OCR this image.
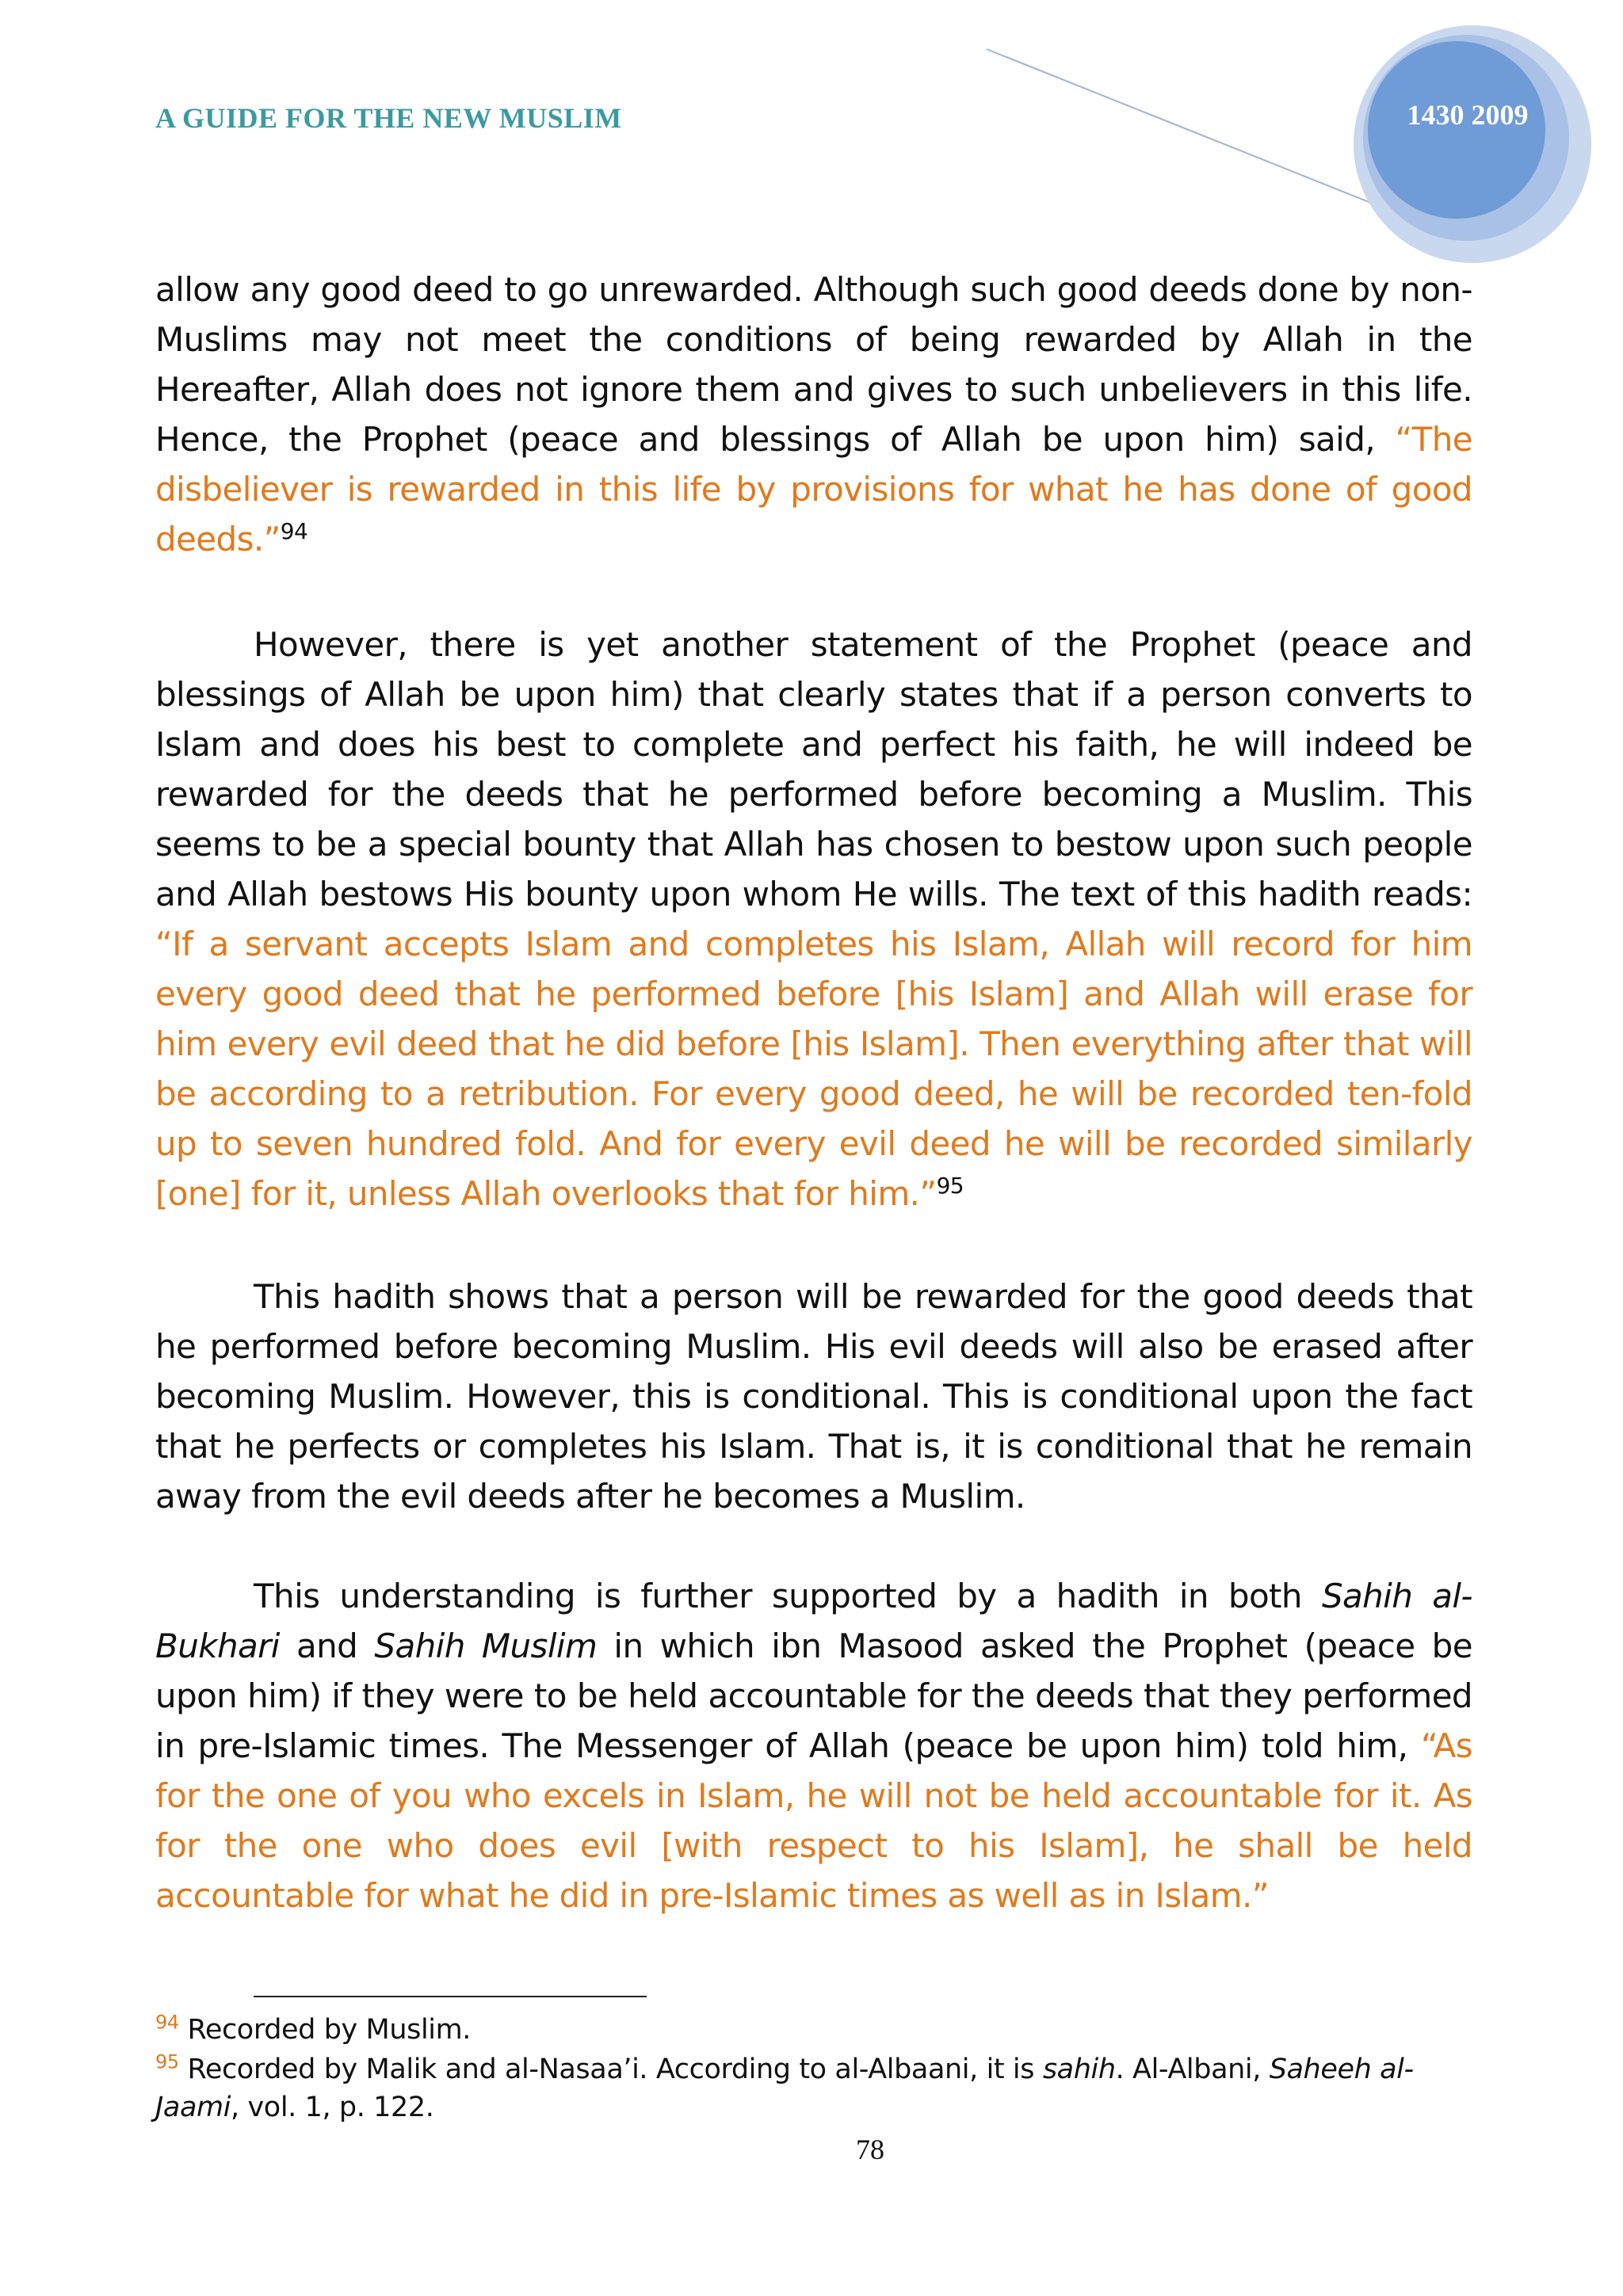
A GUIDE FOR THE NEW MUSLIM	1430 2009

allow any good deed to go unrewarded. Although such good deeds done by non-Muslims may not meet the conditions of being rewarded by Allah in the Hereafter, Allah does not ignore them and gives to such unbelievers in this life. Hence, the Prophet (peace and blessings of Allah be upon him) said, “The disbeliever is rewarded in this life by provisions for what he has done of good deeds.”$^{94}$

However, there is yet another statement of the Prophet (peace and blessings of Allah be upon him) that clearly states that if a person converts to Islam and does his best to complete and perfect his faith, he will indeed be rewarded for the deeds that he performed before becoming a Muslim. This seems to be a special bounty that Allah has chosen to bestow upon such people and Allah bestows His bounty upon whom He wills. The text of this hadith reads: “If a servant accepts Islam and completes his Islam, Allah will record for him every good deed that he performed before [his Islam] and Allah will erase for him every evil deed that he did before [his Islam]. Then everything after that will be according to a retribution. For every good deed, he will be recorded ten-fold up to seven hundred fold. And for every evil deed he will be recorded similarly [one] for it, unless Allah overlooks that for him.”$^{95}$

This hadith shows that a person will be rewarded for the good deeds that he performed before becoming Muslim. His evil deeds will also be erased after becoming Muslim. However, this is conditional. This is conditional upon the fact that he perfects or completes his Islam. That is, it is conditional that he remain away from the evil deeds after he becomes a Muslim.

This understanding is further supported by a hadith in both Sahih al-Bukhari and Sahih Muslim in which ibn Masood asked the Prophet (peace be upon him) if they were to be held accountable for the deeds that they performed in pre-Islamic times. The Messenger of Allah (peace be upon him) told him, “As for the one of you who excels in Islam, he will not be held accountable for it. As for the one who does evil [with respect to his Islam], he shall be held accountable for what he did in pre-Islamic times as well as in Islam.”

$^{94}$ Recorded by Muslim.

$^{95}$ Recorded by Malik and al-Nasaa’i. According to al-Albaani, it is sahih. Al-Albani, Saheeh al-Jaami, vol. 1, p. 122.

78
